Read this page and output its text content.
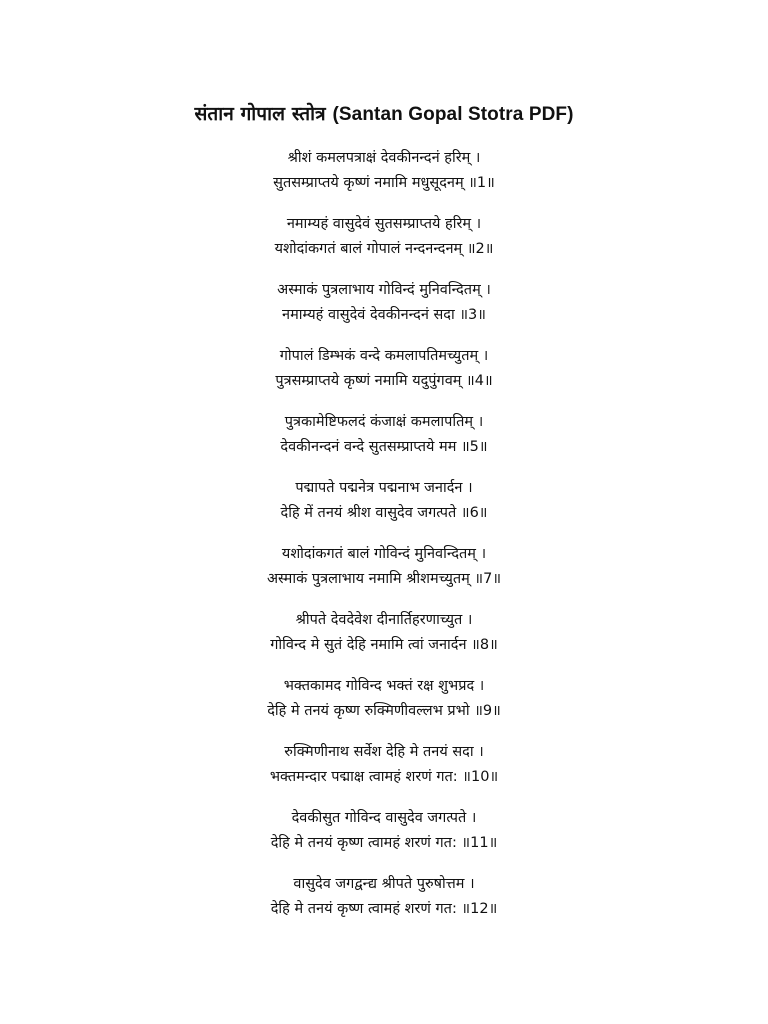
संतान गोपाल स्तोत्र (Santan Gopal Stotra PDF)
श्रीशं कमलपत्राक्षं देवकीनन्दनं हरिम् ।
सुतसम्प्राप्तये कृष्णं नमामि मधुसूदनम् ॥1॥
नमाम्यहं वासुदेवं सुतसम्प्राप्तये हरिम् ।
यशोदांकगतं बालं गोपालं नन्दनन्दनम् ॥2॥
अस्माकं पुत्रलाभाय गोविन्दं मुनिवन्दितम् ।
नमाम्यहं वासुदेवं देवकीनन्दनं सदा ॥3॥
गोपालं डिम्भकं वन्दे कमलापतिमच्युतम् ।
पुत्रसम्प्राप्तये कृष्णं नमामि यदुपुंगवम् ॥4॥
पुत्रकामेष्टिफलदं कंजाक्षं कमलापतिम् ।
देवकीनन्दनं वन्दे सुतसम्प्राप्तये मम ॥5॥
पद्मापते पद्मनेत्र पद्मनाभ जनार्दन ।
देहि में तनयं श्रीश वासुदेव जगत्पते ॥6॥
यशोदांकगतं बालं गोविन्दं मुनिवन्दितम् ।
अस्माकं पुत्रलाभाय नमामि श्रीशमच्युतम् ॥7॥
श्रीपते देवदेवेश दीनार्तिहरणाच्युत ।
गोविन्द मे सुतं देहि नमामि त्वां जनार्दन ॥8॥
भक्तकामद गोविन्द भक्तं रक्ष शुभप्रद ।
देहि मे तनयं कृष्ण रुक्मिणीवल्लभ प्रभो ॥9॥
रुक्मिणीनाथ सर्वेश देहि मे तनयं सदा ।
भक्तमन्दार पद्माक्ष त्वामहं शरणं गत: ॥10॥
देवकीसुत गोविन्द वासुदेव जगत्पते ।
देहि मे तनयं कृष्ण त्वामहं शरणं गत: ॥11॥
वासुदेव जगद्वन्द्य श्रीपते पुरुषोत्तम ।
देहि मे तनयं कृष्ण त्वामहं शरणं गत: ॥12॥
